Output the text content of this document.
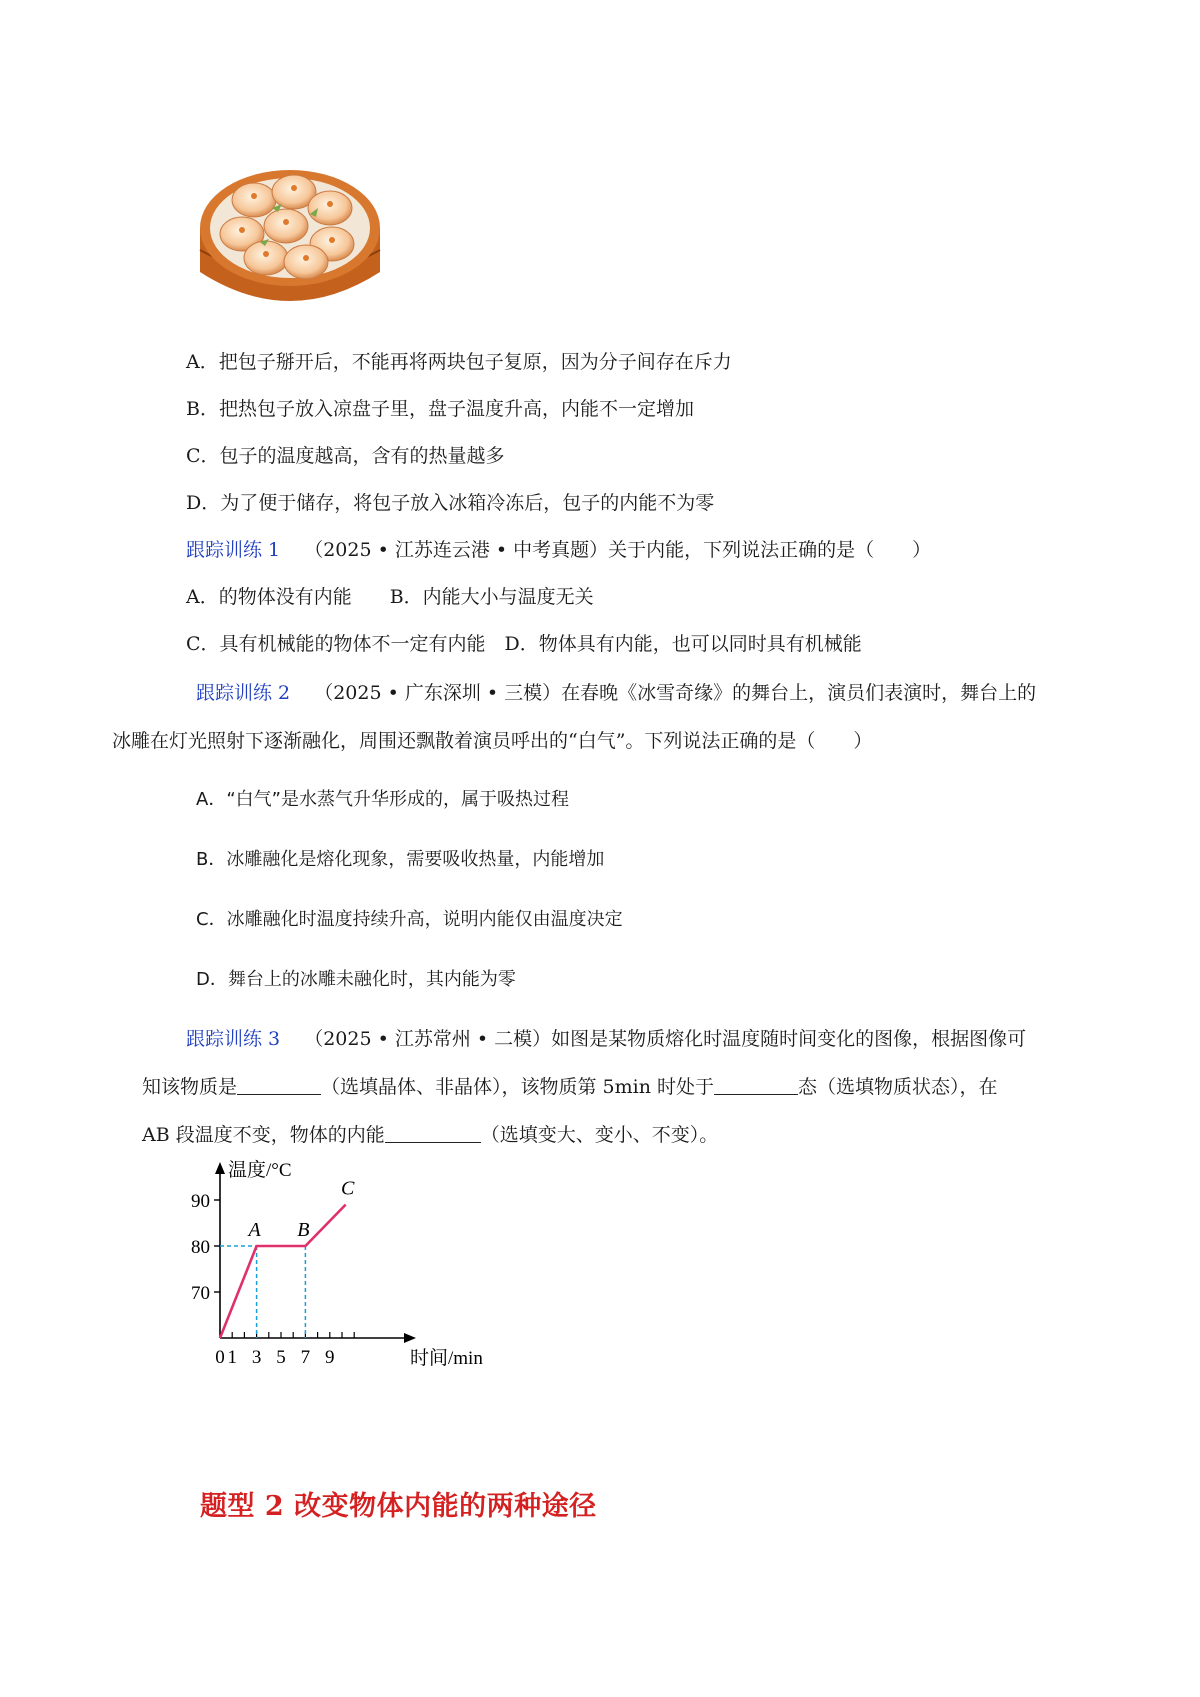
A．把包子掰开后，不能再将两块包子复原，因为分子间存在斥力
B．把热包子放入凉盘子里，盘子温度升高，内能不一定增加
C．包子的温度越高，含有的热量越多
D．为了便于储存，将包子放入冰箱冷冻后，包子的内能不为零
跟踪训练 1 （2025 • 江苏连云港 • 中考真题）关于内能，下列说法正确的是（　　）
A．的物体没有内能　　B．内能大小与温度无关
C．具有机械能的物体不一定有内能　D．物体具有内能，也可以同时具有机械能
跟踪训练 2 （2025 • 广东深圳 • 三模）在春晚《冰雪奇缘》的舞台上，演员们表演时，舞台上的
冰雕在灯光照射下逐渐融化，周围还飘散着演员呼出的“白气”。下列说法正确的是（　　）
A．“白气”是水蒸气升华形成的，属于吸热过程
B．冰雕融化是熔化现象，需要吸收热量，内能增加
C．冰雕融化时温度持续升高，说明内能仅由温度决定
D．舞台上的冰雕未融化时，其内能为零
跟踪训练 3 （2025 • 江苏常州 • 二模）如图是某物质熔化时温度随时间变化的图像，根据图像可
知该物质是	（选填晶体、非晶体），该物质第 5min 时处于	态（选填物质状态），在
AB 段温度不变，物体的内能	（选填变大、变小、不变）。
温度/°C
时间/min
0 1 3 5 7 9
70
80
90
A B
C
题型 2 改变物体内能的两种途径
